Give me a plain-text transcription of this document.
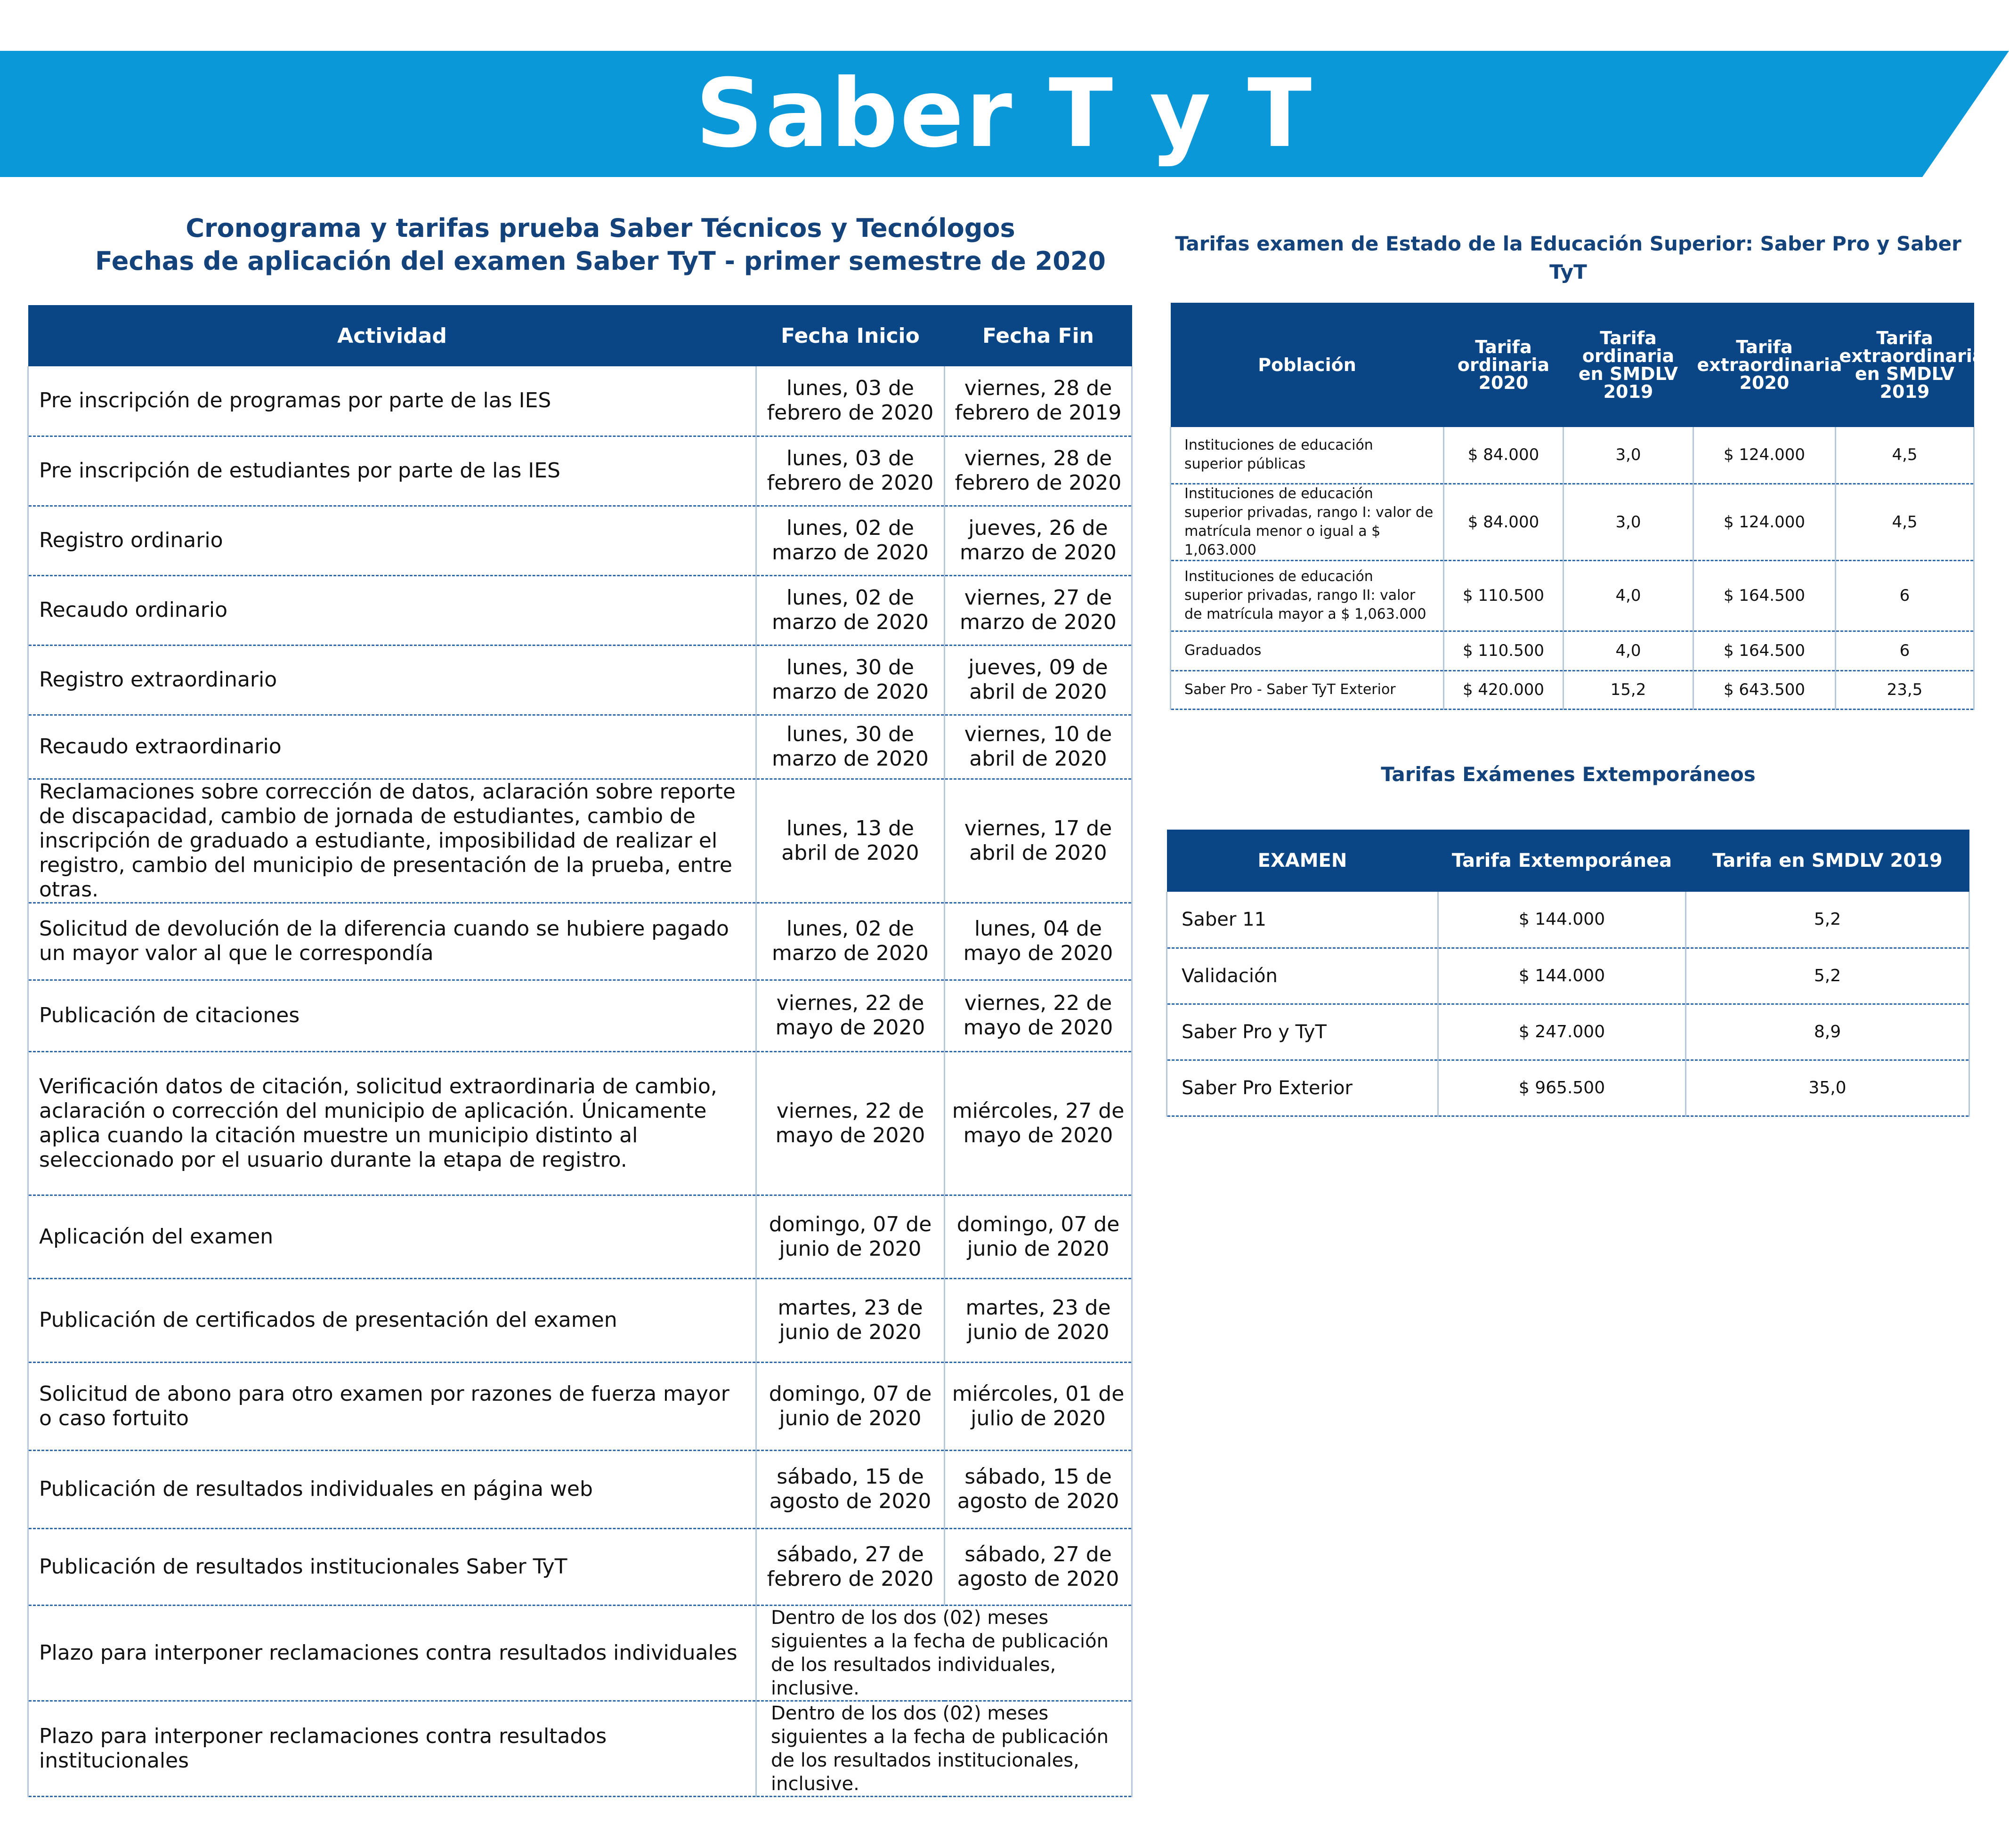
Saber T y T
Cronograma y tarifas prueba Saber Técnicos y Tecnólogos
Fechas de aplicación del examen Saber TyT - primer semestre de 2020
Actividad	Fecha Inicio	Fecha Fin
Pre inscripción de programas por parte de las IES	lunes, 03 de febrero de 2020	viernes, 28 de febrero de 2019
Pre inscripción de estudiantes por parte de las IES	lunes, 03 de febrero de 2020	viernes, 28 de febrero de 2020
Registro ordinario	lunes, 02 de marzo de 2020	jueves, 26 de marzo de 2020
Recaudo ordinario	lunes, 02 de marzo de 2020	viernes, 27 de marzo de 2020
Registro extraordinario	lunes, 30 de marzo de 2020	jueves, 09 de abril de 2020
Recaudo extraordinario	lunes, 30 de marzo de 2020	viernes, 10 de abril de 2020
Reclamaciones sobre corrección de datos, aclaración sobre reporte de discapacidad, cambio de jornada de estudiantes, cambio de inscripción de graduado a estudiante, imposibilidad de realizar el registro, cambio del municipio de presentación de la prueba, entre otras.	lunes, 13 de abril de 2020	viernes, 17 de abril de 2020
Solicitud de devolución de la diferencia cuando se hubiere pagado un mayor valor al que le correspondía	lunes, 02 de marzo de 2020	lunes, 04 de mayo de 2020
Publicación de citaciones	viernes, 22 de mayo de 2020	viernes, 22 de mayo de 2020
Verificación datos de citación, solicitud extraordinaria de cambio, aclaración o corrección del municipio de aplicación. Únicamente aplica cuando la citación muestre un municipio distinto al seleccionado por el usuario durante la etapa de registro.	viernes, 22 de mayo de 2020	miércoles, 27 de mayo de 2020
Aplicación del examen	domingo, 07 de junio de 2020	domingo, 07 de junio de 2020
Publicación de certificados de presentación del examen	martes, 23 de junio de 2020	martes, 23 de junio de 2020
Solicitud de abono para otro examen por razones de fuerza mayor o caso fortuito	domingo, 07 de junio de 2020	miércoles, 01 de julio de 2020
Publicación de resultados individuales en página web	sábado, 15 de agosto de 2020	sábado, 15 de agosto de 2020
Publicación de resultados institucionales Saber TyT	sábado, 27 de febrero de 2020	sábado, 27 de agosto de 2020
Plazo para interponer reclamaciones contra resultados individuales	Dentro de los dos (02) meses siguientes a la fecha de publicación de los resultados individuales, inclusive.	
Plazo para interponer reclamaciones contra resultados institucionales	Dentro de los dos (02) meses siguientes a la fecha de publicación de los resultados institucionales, inclusive.	
Tarifas examen de Estado de la Educación Superior: Saber Pro y Saber TyT
Población	Tarifa ordinaria 2020	Tarifa ordinaria en SMDLV 2019	Tarifa extraordinaria 2020	Tarifa extraordinaria en SMDLV 2019
Instituciones de educación superior públicas	$ 84.000	3,0	$ 124.000	4,5
Instituciones de educación superior privadas, rango I: valor de matrícula menor o igual a $ 1,063.000	$ 84.000	3,0	$ 124.000	4,5
Instituciones de educación superior privadas, rango II: valor de matrícula mayor a $ 1,063.000	$ 110.500	4,0	$ 164.500	6
Graduados	$ 110.500	4,0	$ 164.500	6
Saber Pro - Saber TyT Exterior	$ 420.000	15,2	$ 643.500	23,5
Tarifas Exámenes Extemporáneos
EXAMEN	Tarifa Extemporánea	Tarifa en SMDLV 2019
Saber 11	$ 144.000	5,2
Validación	$ 144.000	5,2
Saber Pro y TyT	$ 247.000	8,9
Saber Pro Exterior	$ 965.500	35,0
